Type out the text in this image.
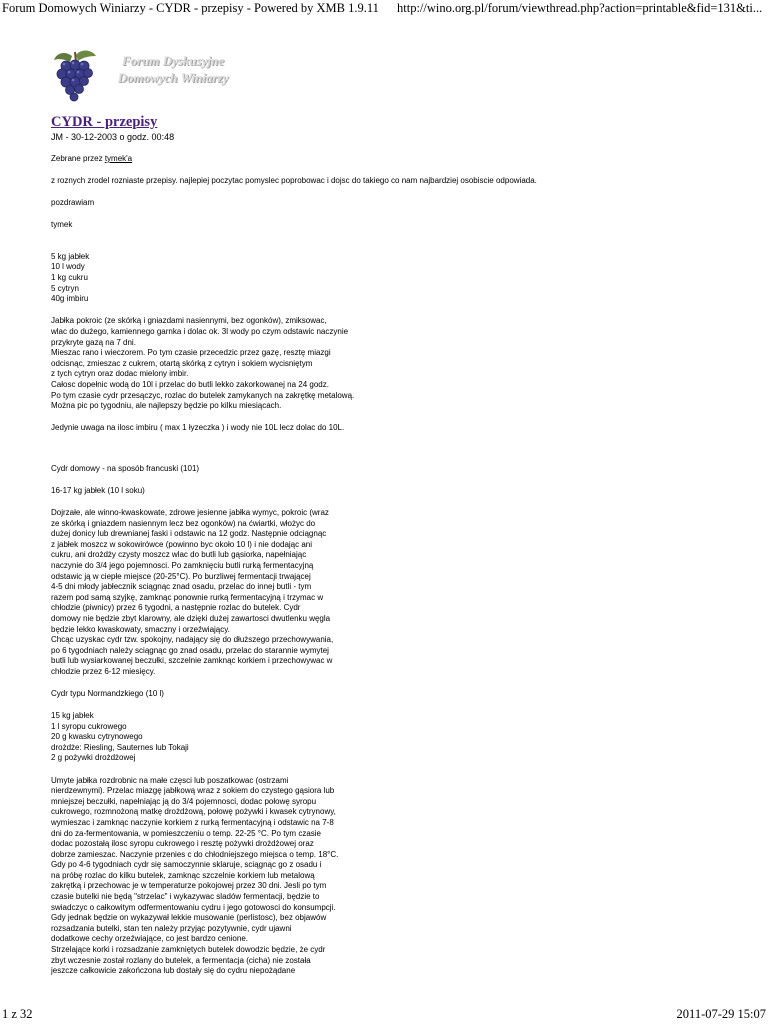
Forum Domowych Winiarzy - CYDR - przepisy - Powered by XMB 1.9.11 http://wino.org.pl/forum/viewthread.php?action=printable&fid=131&ti...
Forum Dyskusyjne
Domowych Winiarzy
CYDR - przepisy
JM - 30-12-2003 o godz. 00:48

Zebrane przez tymek'a

z roznych zrodel rozniaste przepisy. najlepiej poczytac pomyslec poprobowac i dojsc do takiego co nam najbardziej osobiscie odpowiada.

pozdrawiam

tymek

5 kg jabłek
10 l wody
1 kg cukru
5 cytryn
40g imbiru

Jabłka pokroic (ze skórką i gniazdami nasiennymi, bez ogonków), zmiksowac,
wlac do dużego, kamiennego garnka i dolac ok. 3l wody po czym odstawic naczynie
przykryte gazą na 7 dni.
Mieszac rano i wieczorem. Po tym czasie przecedzic przez gazę, resztę miazgi
odcisnąc, zmieszac z cukrem, otartą skórką z cytryn i sokiem wycisniętym
z tych cytryn oraz dodac mielony imbir.
Całosc dopełnic wodą do 10l i przelac do butli lekko zakorkowanej na 24 godz.
Po tym czasie cydr przesączyc, rozlac do butelek zamykanych na zakrętkę metalową.
Można pic po tygodniu, ale najlepszy będzie po kilku miesiącach.

Jedynie uwaga na ilosc imbiru ( max 1 łyzeczka ) i wody nie 10L lecz dolac do 10L.

Cydr domowy - na sposób francuski (101)

16-17 kg jabłek (10 l soku)

Dojrzałe, ale winno-kwaskowate, zdrowe jesienne jabłka wymyc, pokroic (wraz
ze skórką i gniazdem nasiennym lecz bez ogonków) na ćwiartki, włożyc do
dużej donicy lub drewnianej faski i odstawic na 12 godz. Następnie odciągnąc
z jabłek moszcz w sokowirówce (powinno byc około 10 l) i nie dodając ani
cukru, ani drożdży czysty moszcz wlac do butli lub gąsiorka, napełniając
naczynie do 3/4 jego pojemnosci. Po zamknięciu butli rurką fermentacyjną
odstawic ją w ciepłe miejsce (20-25°C). Po burzliwej fermentacji trwającej
4-5 dni młody jabłecznik sciągnąc znad osadu, przelac do innej butli - tym
razem pod samą szyjkę, zamknąc ponownie rurką fermentacyjną i trzymac w
chłodzie (piwnicy) przez 6 tygodni, a następnie rozlac do butelek. Cydr
domowy nie będzie zbyt klarowny, ale dzięki dużej zawartosci dwutlenku węgla
będzie lekko kwaskowaty, smaczny i orzeźwiający.
Chcąc uzyskac cydr tzw. spokojny, nadający się do dłuższego przechowywania,
po 6 tygodniach należy sciągnąc go znad osadu, przelac do starannie wymytej
butli lub wysiarkowanej beczułki, szczelnie zamknąc korkiem i przechowywac w
chłodzie przez 6-12 miesięcy.

Cydr typu Normandzkiego (10 l)

15 kg jabłek
1 l syropu cukrowego
20 g kwasku cytrynowego
drożdże: Riesling, Sauternes lub Tokaji
2 g pożywki drożdżowej

Umyte jabłka rozdrobnic na małe częsci lub poszatkowac (ostrzami
nierdzewnymi). Przelac miazgę jabłkową wraz z sokiem do czystego gąsiora lub
mniejszej beczułki, napełniając ją do 3/4 pojemnosci, dodac połowę syropu
cukrowego, rozmnożoną matkę drożdżową, połowę pożywki i kwasek cytrynowy,
wymieszac i zamknąc naczynie korkiem z rurką fermentacyjną i odstawic na 7-8
dni do za-fermentowania, w pomieszczeniu o temp. 22-25 °C. Po tym czasie
dodac pozostałą ilosc syropu cukrowego i resztę pożywki drożdżowej oraz
dobrze zamieszac. Naczynie przenies c do chłodniejszego miejsca o temp. 18°C.
Gdy po 4-6 tygodniach cydr się samoczynnie sklaruje, sciągnąc go z osadu i
na próbę rozlac do kilku butelek, zamknąc szczelnie korkiem lub metalową
zakrętką i przechowac je w temperaturze pokojowej przez 30 dni. Jesli po tym
czasie butelki nie będą "strzelac" i wykazywac sladów fermentacji, będzie to
swiadczyc o całkowitym odfermentowaniu cydru i jego gotowosci do konsumpcji.
Gdy jednak będzie on wykazywał lekkie musowanie (perlistosc), bez objawów
rozsadzania butelki, stan ten należy przyjąc pozytywnie, cydr ujawni
dodatkowe cechy orzeźwiające, co jest bardzo cenione.
Strzelające korki i rozsadzanie zamkniętych butelek dowodzic będzie, że cydr
zbyt wczesnie został rozlany do butelek, a fermentacja (cicha) nie została
jeszcze całkowicie zakończona lub dostały się do cydru niepożądane

1 z 32	2011-07-29 15:07
